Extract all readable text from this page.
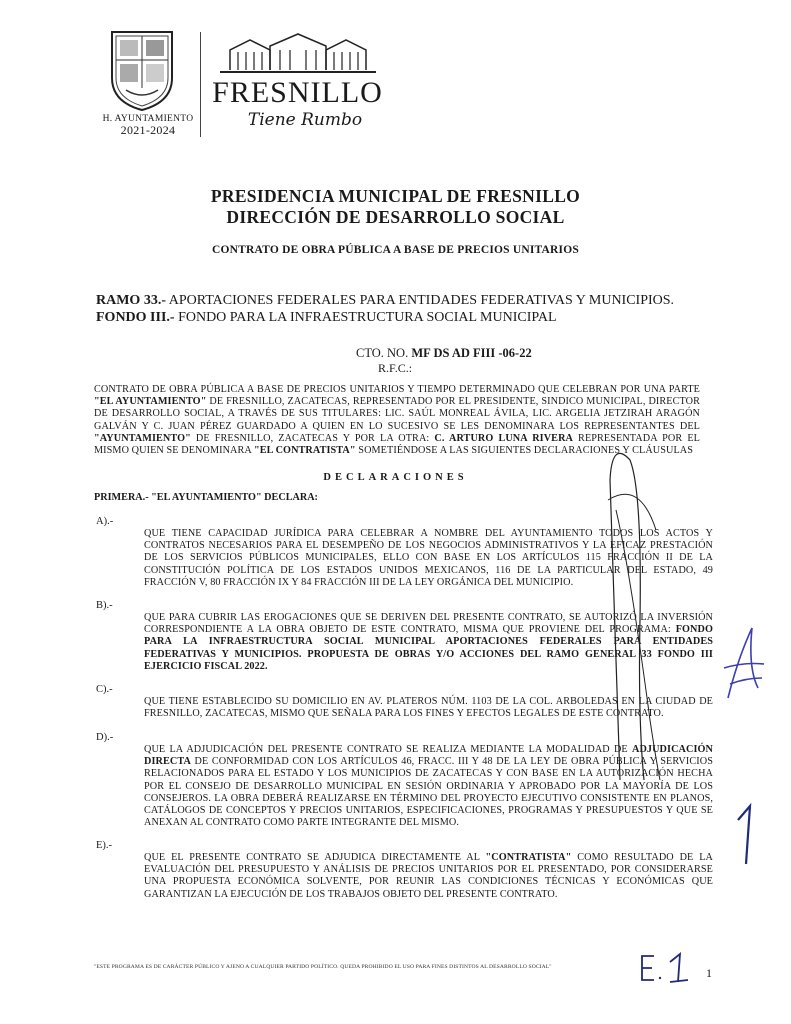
H. AYUNTAMIENTO
2021-2024
FRESNILLO
Tiene Rumbo
PRESIDENCIA MUNICIPAL DE FRESNILLO
DIRECCIÓN DE DESARROLLO SOCIAL
CONTRATO DE OBRA PÚBLICA A BASE DE PRECIOS UNITARIOS
RAMO 33.- APORTACIONES FEDERALES PARA ENTIDADES FEDERATIVAS Y MUNICIPIOS.
FONDO III.- FONDO PARA LA INFRAESTRUCTURA SOCIAL MUNICIPAL
CTO. NO. MF DS AD FIII -06-22
R.F.C.:
CONTRATO DE OBRA PÚBLICA A BASE DE PRECIOS UNITARIOS Y TIEMPO DETERMINADO QUE CELEBRAN POR UNA PARTE "EL AYUNTAMIENTO" DE FRESNILLO, ZACATECAS, REPRESENTADO POR EL PRESIDENTE, SINDICO MUNICIPAL, DIRECTOR DE DESARROLLO SOCIAL, A TRAVÉS DE SUS TITULARES: LIC. SAÚL MONREAL ÁVILA, LIC. ARGELIA JETZIRAH ARAGÓN GALVÁN Y C. JUAN PÉREZ GUARDADO A QUIEN EN LO SUCESIVO SE LES DENOMINARA LOS REPRESENTANTES DEL "AYUNTAMIENTO" DE FRESNILLO, ZACATECAS Y POR LA OTRA: C. ARTURO LUNA RIVERA REPRESENTADA POR EL MISMO QUIEN SE DENOMINARA "EL CONTRATISTA" SOMETIÉNDOSE A LAS SIGUIENTES DECLARACIONES Y CLÁUSULAS
DECLARACIONES
PRIMERA.- "EL AYUNTAMIENTO" DECLARA:
A).-
QUE TIENE CAPACIDAD JURÍDICA PARA CELEBRAR A NOMBRE DEL AYUNTAMIENTO TODOS LOS ACTOS Y CONTRATOS NECESARIOS PARA EL DESEMPEÑO DE LOS NEGOCIOS ADMINISTRATIVOS Y LA EFICAZ PRESTACIÓN DE LOS SERVICIOS PÚBLICOS MUNICIPALES, ELLO CON BASE EN LOS ARTÍCULOS 115 FRACCIÓN II DE LA CONSTITUCIÓN POLÍTICA DE LOS ESTADOS UNIDOS MEXICANOS, 116 DE LA PARTICULAR DEL ESTADO, 49 FRACCIÓN V, 80 FRACCIÓN IX Y 84 FRACCIÓN III DE LA LEY ORGÁNICA DEL MUNICIPIO.
B).-
QUE PARA CUBRIR LAS EROGACIONES QUE SE DERIVEN DEL PRESENTE CONTRATO, SE AUTORIZÓ LA INVERSIÓN CORRESPONDIENTE A LA OBRA OBJETO DE ESTE CONTRATO, MISMA QUE PROVIENE DEL PROGRAMA: FONDO PARA LA INFRAESTRUCTURA SOCIAL MUNICIPAL APORTACIONES FEDERALES PARA ENTIDADES FEDERATIVAS Y MUNICIPIOS. PROPUESTA DE OBRAS Y/O ACCIONES DEL RAMO GENERAL 33 FONDO III EJERCICIO FISCAL 2022.
C).-
QUE TIENE ESTABLECIDO SU DOMICILIO EN AV. PLATEROS NÚM. 1103 DE LA COL. ARBOLEDAS EN LA CIUDAD DE FRESNILLO, ZACATECAS, MISMO QUE SEÑALA PARA LOS FINES Y EFECTOS LEGALES DE ESTE CONTRATO.
D).-
QUE LA ADJUDICACIÓN DEL PRESENTE CONTRATO SE REALIZA MEDIANTE LA MODALIDAD DE ADJUDICACIÓN DIRECTA DE CONFORMIDAD CON LOS ARTÍCULOS 46, FRACC. III Y 48 DE LA LEY DE OBRA PÚBLICA Y SERVICIOS RELACIONADOS PARA EL ESTADO Y LOS MUNICIPIOS DE ZACATECAS Y CON BASE EN LA AUTORIZACIÓN HECHA POR EL CONSEJO DE DESARROLLO MUNICIPAL EN SESIÓN ORDINARIA Y APROBADO POR LA MAYORÍA DE LOS CONSEJEROS. LA OBRA DEBERÁ REALIZARSE EN TÉRMINO DEL PROYECTO EJECUTIVO CONSISTENTE EN PLANOS, CATÁLOGOS DE CONCEPTOS Y PRECIOS UNITARIOS, ESPECIFICACIONES, PROGRAMAS Y PRESUPUESTOS Y QUE SE ANEXAN AL CONTRATO COMO PARTE INTEGRANTE DEL MISMO.
E).-
QUE EL PRESENTE CONTRATO SE ADJUDICA DIRECTAMENTE AL "CONTRATISTA" COMO RESULTADO DE LA EVALUACIÓN DEL PRESUPUESTO Y ANÁLISIS DE PRECIOS UNITARIOS POR EL PRESENTADO, POR CONSIDERARSE UNA PROPUESTA ECONÓMICA SOLVENTE, POR REUNIR LAS CONDICIONES TÉCNICAS Y ECONÓMICAS QUE GARANTIZAN LA EJECUCIÓN DE LOS TRABAJOS OBJETO DEL PRESENTE CONTRATO.
"ESTE PROGRAMA ES DE CARÁCTER PÚBLICO Y AJENO A CUALQUIER PARTIDO POLÍTICO. QUEDA PROHIBIDO EL USO PARA FINES DISTINTOS AL DESARROLLO SOCIAL"	1
